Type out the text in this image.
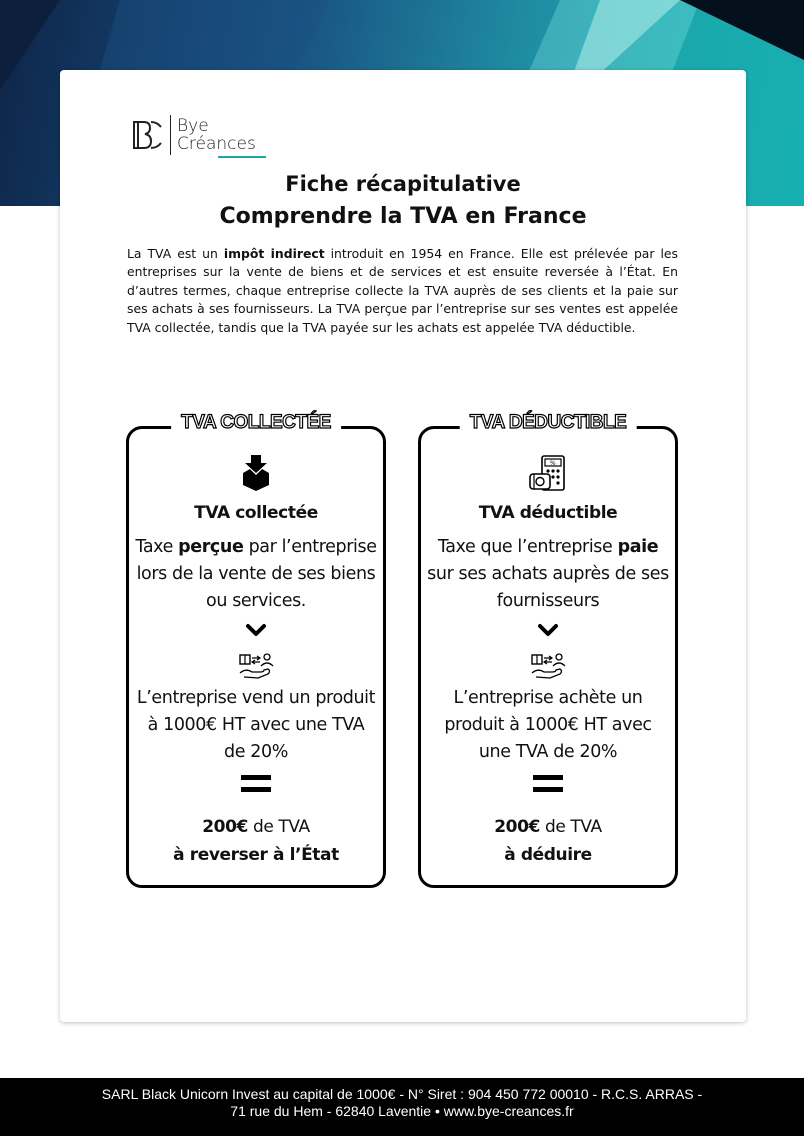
Bye
Créances
Fiche récapitulative
Comprendre la TVA en France

La TVA est un impôt indirect introduit en 1954 en France. Elle est prélevée par les entreprises sur la vente de biens et de services et est ensuite reversée à l’État. En d’autres termes, chaque entreprise collecte la TVA auprès de ses clients et la paie sur ses achats à ses fournisseurs. La TVA perçue par l’entreprise sur ses ventes est appelée TVA collectée, tandis que la TVA payée sur les achats est appelée TVA déductible.

TVA COLLECTÉE
TVA collectée
Taxe perçue par l’entreprise lors de la vente de ses biens ou services.
L’entreprise vend un produit à 1000€ HT avec une TVA de 20%
200€ de TVA
à reverser à l’État
TVA DÉDUCTIBLE
%
TVA déductible
Taxe que l’entreprise paie sur ses achats auprès de ses fournisseurs
L’entreprise achète un produit à 1000€ HT avec une TVA de 20%
200€ de TVA
à déduire
SARL Black Unicorn Invest au capital de 1000€ - N° Siret : 904 450 772 00010 - R.C.S. ARRAS -
71 rue du Hem - 62840 Laventie • www.bye-creances.fr
